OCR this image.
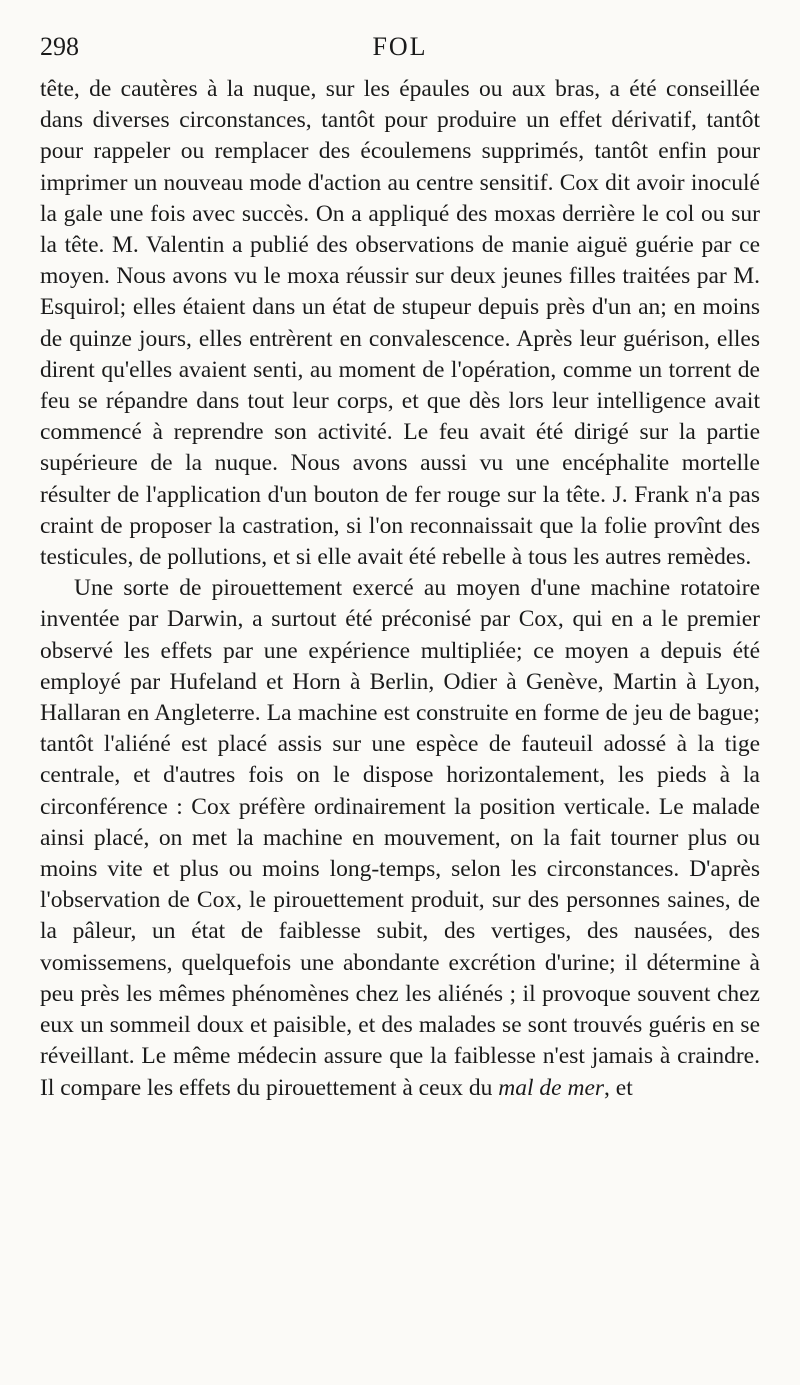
298	FOL

tête, de cautères à la nuque, sur les épaules ou aux bras, a été conseillée dans diverses circonstances, tantôt pour produire un effet dérivatif, tantôt pour rappeler ou remplacer des écoulemens supprimés, tantôt enfin pour imprimer un nouveau mode d'action au centre sensitif. Cox dit avoir inoculé la gale une fois avec succès. On a appliqué des moxas derrière le col ou sur la tête. M. Valentin a publié des observations de manie aiguë guérie par ce moyen. Nous avons vu le moxa réussir sur deux jeunes filles traitées par M. Esquirol; elles étaient dans un état de stupeur depuis près d'un an; en moins de quinze jours, elles entrèrent en convalescence. Après leur guérison, elles dirent qu'elles avaient senti, au moment de l'opération, comme un torrent de feu se répandre dans tout leur corps, et que dès lors leur intelligence avait commencé à reprendre son activité. Le feu avait été dirigé sur la partie supérieure de la nuque. Nous avons aussi vu une encéphalite mortelle résulter de l'application d'un bouton de fer rouge sur la tête. J. Frank n'a pas craint de proposer la castration, si l'on reconnaissait que la folie provînt des testicules, de pollutions, et si elle avait été rebelle à tous les autres remèdes.

Une sorte de pirouettement exercé au moyen d'une machine rotatoire inventée par Darwin, a surtout été préconisé par Cox, qui en a le premier observé les effets par une expérience multipliée; ce moyen a depuis été employé par Hufeland et Horn à Berlin, Odier à Genève, Martin à Lyon, Hallaran en Angleterre. La machine est construite en forme de jeu de bague; tantôt l'aliéné est placé assis sur une espèce de fauteuil adossé à la tige centrale, et d'autres fois on le dispose horizontalement, les pieds à la circonférence : Cox préfère ordinairement la position verticale. Le malade ainsi placé, on met la machine en mouvement, on la fait tourner plus ou moins vite et plus ou moins long-temps, selon les circonstances. D'après l'observation de Cox, le pirouettement produit, sur des personnes saines, de la pâleur, un état de faiblesse subit, des vertiges, des nausées, des vomissemens, quelquefois une abondante excrétion d'urine; il détermine à peu près les mêmes phénomènes chez les aliénés ; il provoque souvent chez eux un sommeil doux et paisible, et des malades se sont trouvés guéris en se réveillant. Le même médecin assure que la faiblesse n'est jamais à craindre. Il compare les effets du pirouettement à ceux du mal de mer, et
